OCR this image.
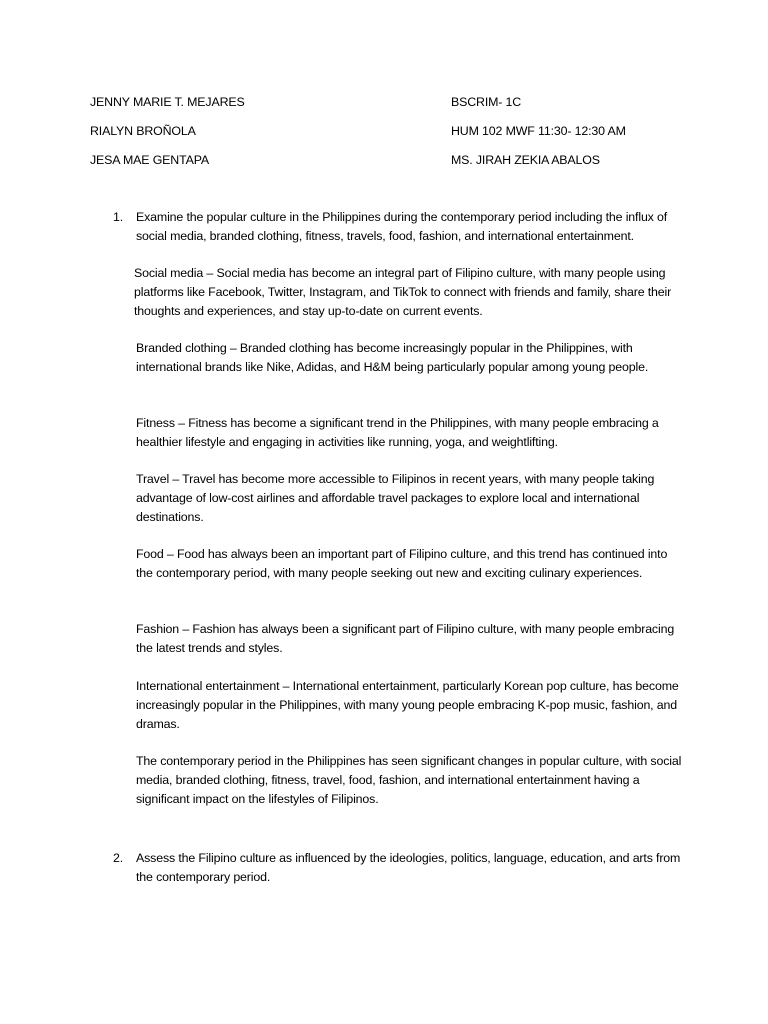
JENNY MARIE T. MEJARES	BSCRIM- 1C
RIALYN BROÑOLA	HUM 102 MWF 11:30- 12:30 AM
JESA MAE GENTAPA	MS. JIRAH ZEKIA ABALOS
1. Examine the popular culture in the Philippines during the contemporary period including the influx of social media, branded clothing, fitness, travels, food, fashion, and international entertainment.

Social media – Social media has become an integral part of Filipino culture, with many people using platforms like Facebook, Twitter, Instagram, and TikTok to connect with friends and family, share their thoughts and experiences, and stay up-to-date on current events.

Branded clothing – Branded clothing has become increasingly popular in the Philippines, with international brands like Nike, Adidas, and H&M being particularly popular among young people.

Fitness – Fitness has become a significant trend in the Philippines, with many people embracing a healthier lifestyle and engaging in activities like running, yoga, and weightlifting.

Travel – Travel has become more accessible to Filipinos in recent years, with many people taking advantage of low-cost airlines and affordable travel packages to explore local and international destinations.

Food – Food has always been an important part of Filipino culture, and this trend has continued into the contemporary period, with many people seeking out new and exciting culinary experiences.

Fashion – Fashion has always been a significant part of Filipino culture, with many people embracing the latest trends and styles.

International entertainment – International entertainment, particularly Korean pop culture, has become increasingly popular in the Philippines, with many young people embracing K-pop music, fashion, and dramas.

The contemporary period in the Philippines has seen significant changes in popular culture, with social media, branded clothing, fitness, travel, food, fashion, and international entertainment having a significant impact on the lifestyles of Filipinos.

2. Assess the Filipino culture as influenced by the ideologies, politics, language, education, and arts from the contemporary period.
